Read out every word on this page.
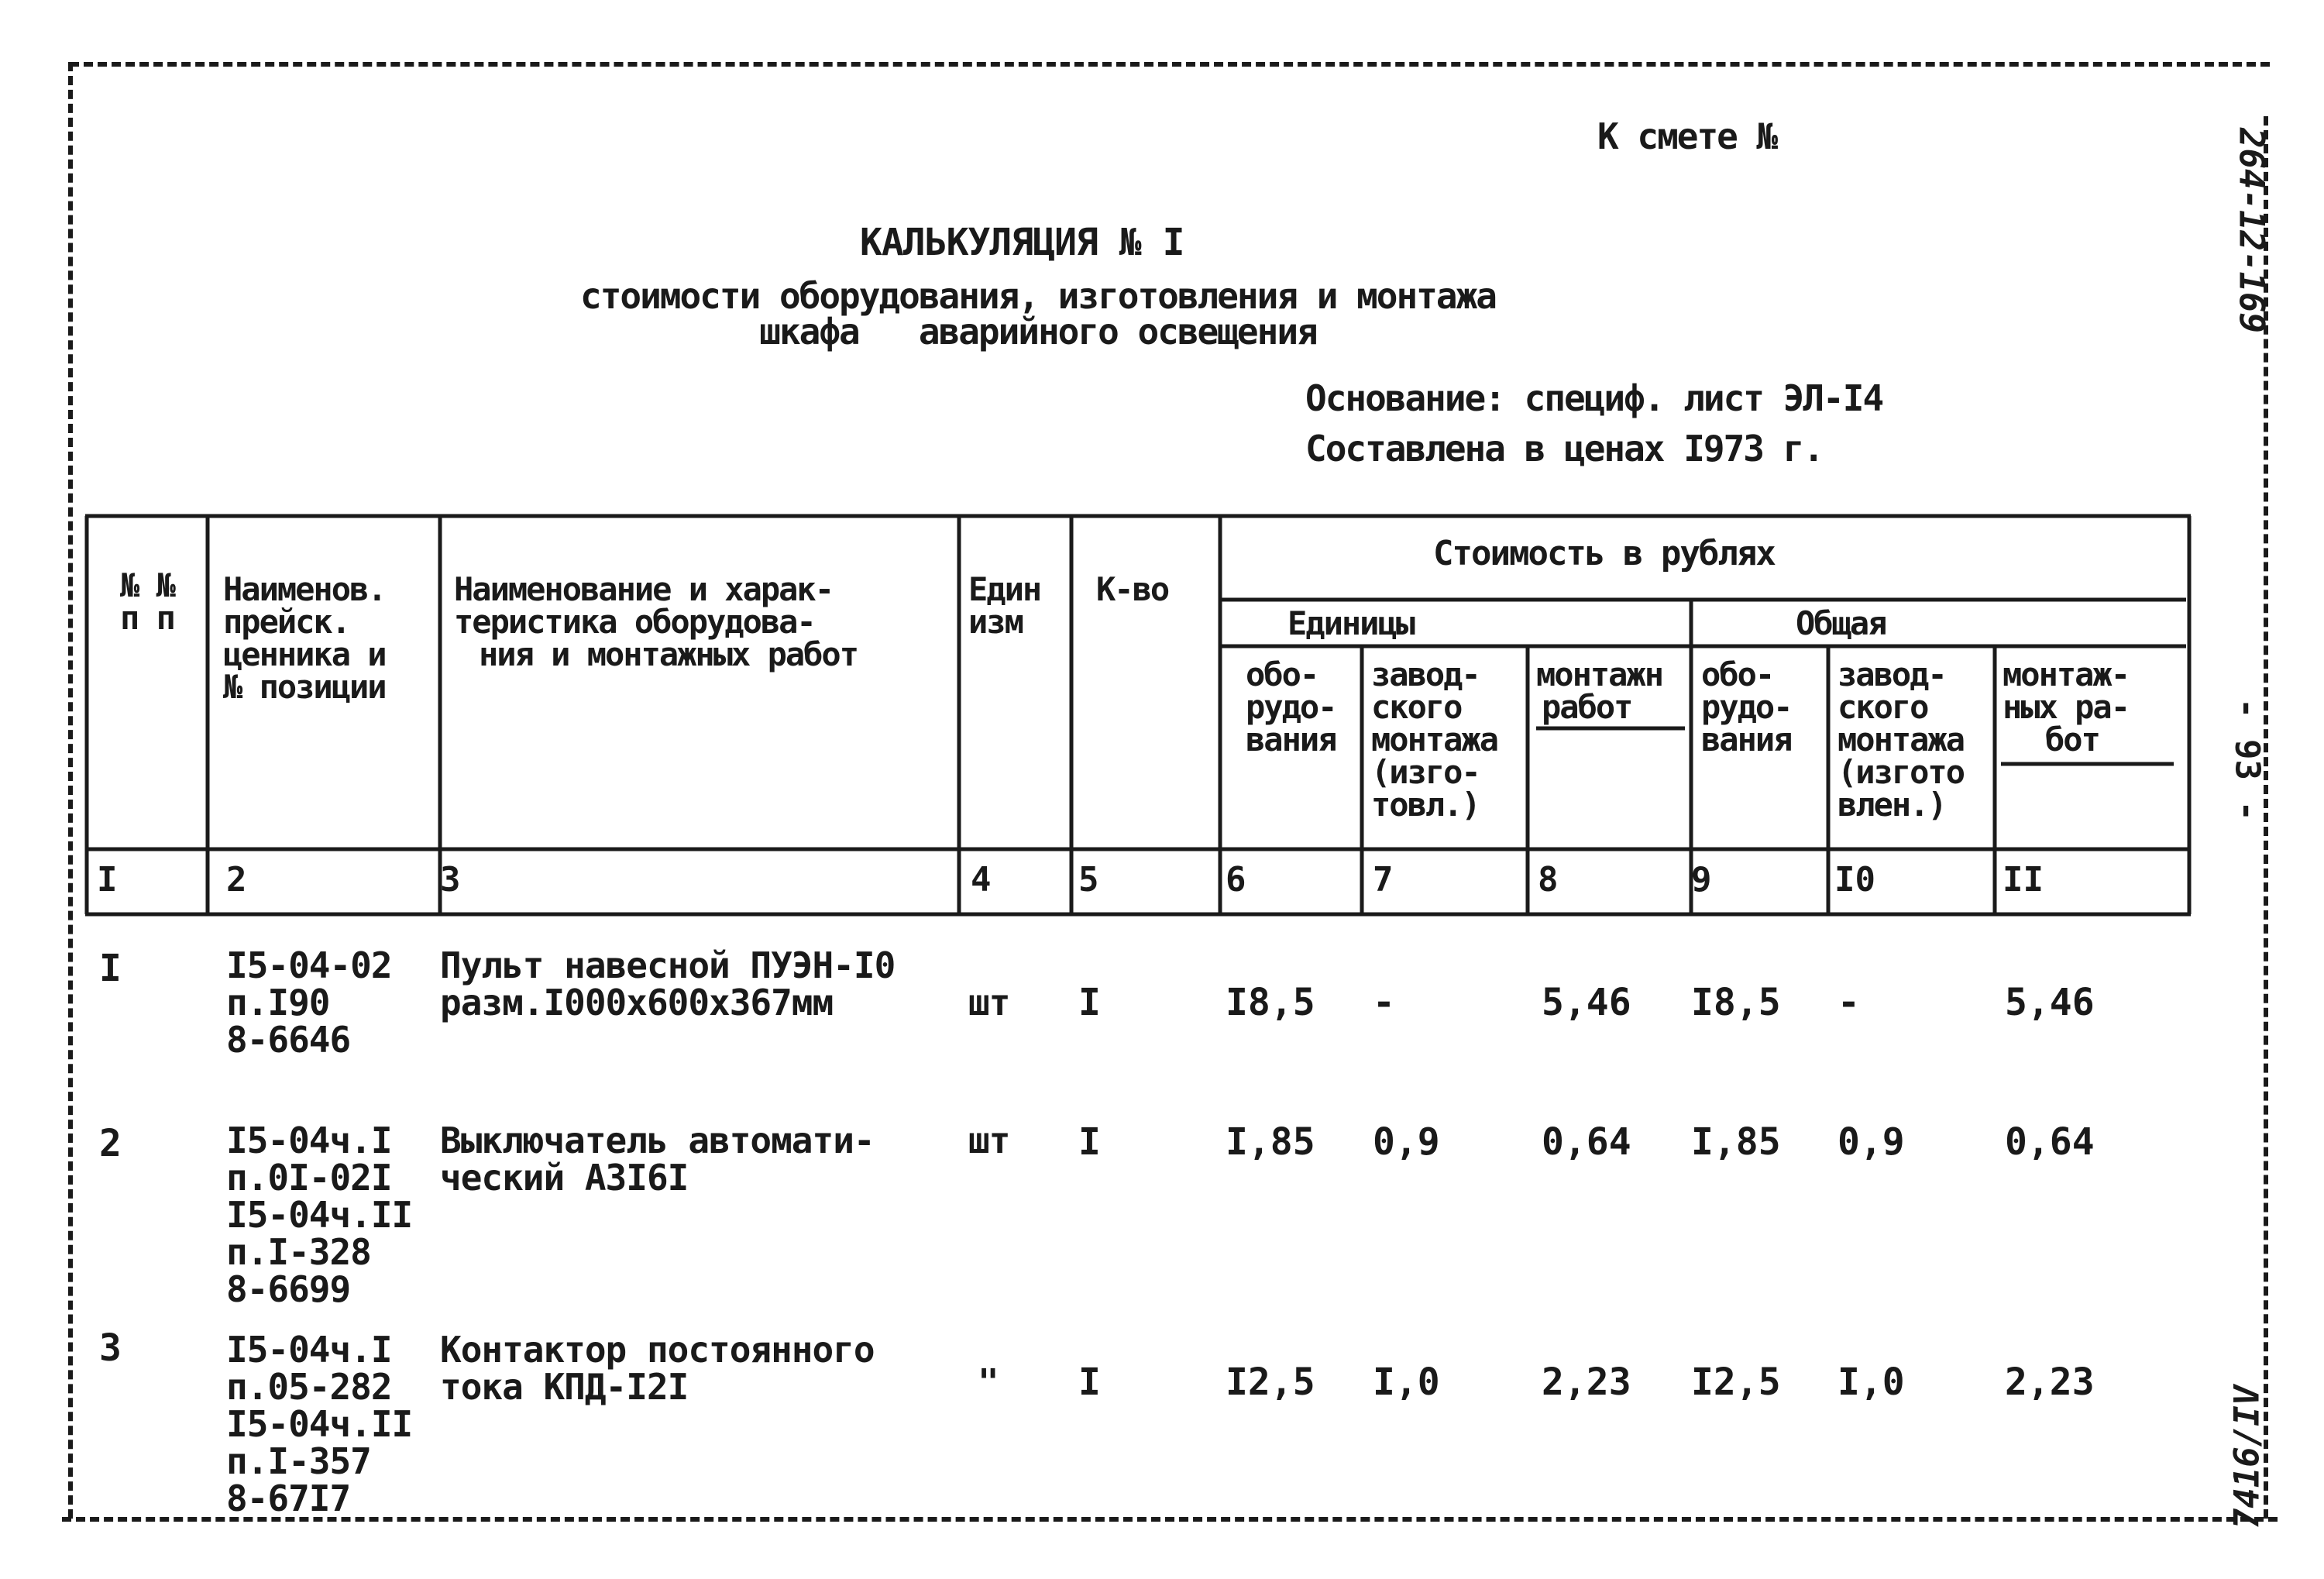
К смете №
КАЛЬКУЛЯЦИЯ № I
стоимости оборудования, изготовления и монтажа
шкафа   аварийного освещения
Основание: специф. лист ЭЛ-I4
Составлена в ценах I973 г.
264-12-169
- 93 -
7416/IV
№ №
п п
Наименов.
прейск.
ценника и
№ позиции
Наименование и харак-
теристика оборудова-
ния и монтажных работ
Един
изм
К-во
Стоимость в рублях
Единицы	Общая
обо-
рудо-
вания
завод-
ского
монтажа
(изго-
товл.)
монтажн
работ
обо-
рудо-
вания
завод-
ского
монтажа
(изгото
влен.)
монтаж-
ных ра-
бот
I	2	3	4	5	6	7	8	9	I0	II
I	I5-04-02
п.I90
8-6646
Пульт навесной ПУЭН-I0
разм.I000х600х367мм	шт I	I8,5 -	5,46 I8,5 -	5,46
2	I5-04ч.I
п.0I-02I
I5-04ч.II
п.I-328
8-6699
Выключатель автомати-
ческий А3I6I
шт I	I,85 0,9	0,64 I,85 0,9	0,64
3	I5-04ч.I
п.05-282
I5-04ч.II
п.I-357
8-67I7
Контактор постоянного
тока КПД-I2I	" I	I2,5 I,0	2,23 I2,5 I,0	2,23
